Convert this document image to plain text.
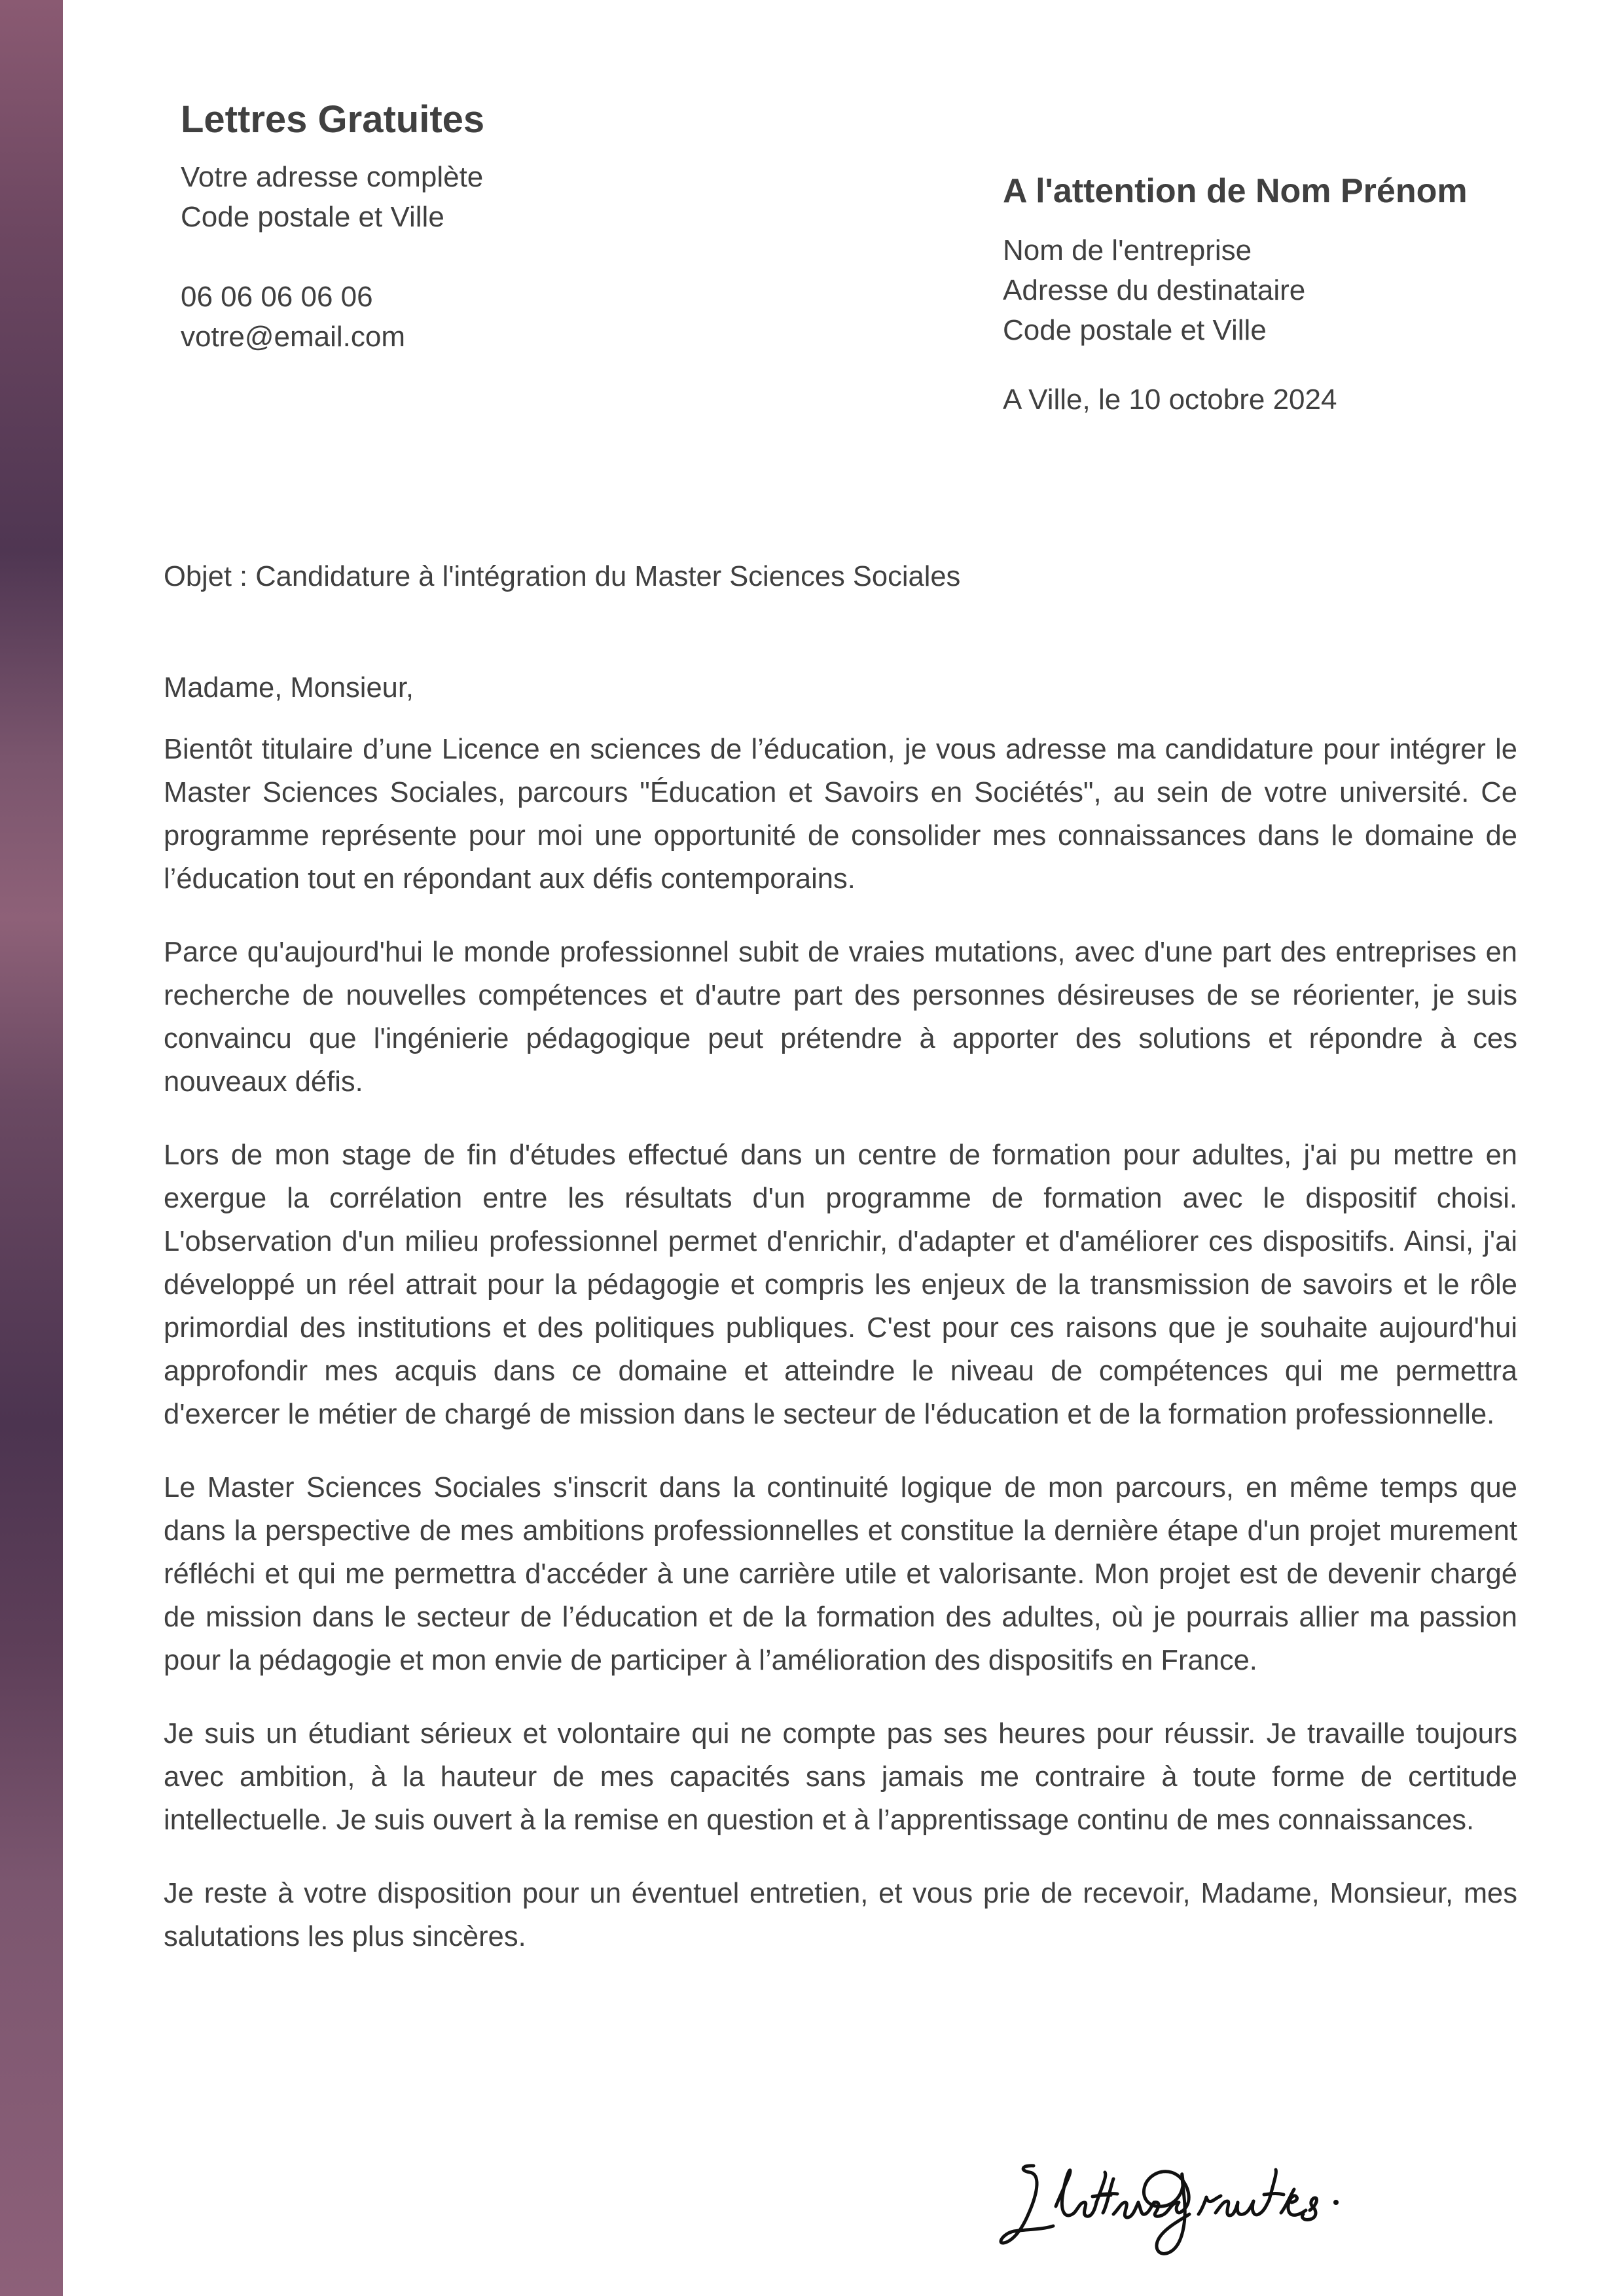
Lettres Gratuites
Votre adresse complète
Code postale et Ville
06 06 06 06 06
votre@email.com
A l'attention de Nom Prénom
Nom de l'entreprise
Adresse du destinataire
Code postale et Ville
A Ville, le 10 octobre 2024

Objet : Candidature à l'intégration du Master Sciences Sociales

Madame, Monsieur,

Bientôt titulaire d’une Licence en sciences de l’éducation, je vous adresse ma candidature pour intégrer le Master Sciences Sociales, parcours "Éducation et Savoirs en Sociétés", au sein de votre université. Ce programme représente pour moi une opportunité de consolider mes connaissances dans le domaine de l’éducation tout en répondant aux défis contemporains.

Parce qu'aujourd'hui le monde professionnel subit de vraies mutations, avec d'une part des entreprises en recherche de nouvelles compétences et d'autre part des personnes désireuses de se réorienter, je suis convaincu que l'ingénierie pédagogique peut prétendre à apporter des solutions et répondre à ces nouveaux défis.

Lors de mon stage de fin d'études effectué dans un centre de formation pour adultes, j'ai pu mettre en exergue la corrélation entre les résultats d'un programme de formation avec le dispositif choisi. L'observation d'un milieu professionnel permet d'enrichir, d'adapter et d'améliorer ces dispositifs. Ainsi, j'ai développé un réel attrait pour la pédagogie et compris les enjeux de la transmission de savoirs et le rôle primordial des institutions et des politiques publiques. C'est pour ces raisons que je souhaite aujourd'hui approfondir mes acquis dans ce domaine et atteindre le niveau de compétences qui me permettra d'exercer le métier de chargé de mission dans le secteur de l'éducation et de la formation professionnelle.

Le Master Sciences Sociales s'inscrit dans la continuité logique de mon parcours, en même temps que dans la perspective de mes ambitions professionnelles et constitue la dernière étape d'un projet murement réfléchi et qui me permettra d'accéder à une carrière utile et valorisante. Mon projet est de devenir chargé de mission dans le secteur de l’éducation et de la formation des adultes, où je pourrais allier ma passion pour la pédagogie et mon envie de participer à l’amélioration des dispositifs en France.

Je suis un étudiant sérieux et volontaire qui ne compte pas ses heures pour réussir. Je travaille toujours avec ambition, à la hauteur de mes capacités sans jamais me contraire à toute forme de certitude intellectuelle. Je suis ouvert à la remise en question et à l’apprentissage continu de mes connaissances.

Je reste à votre disposition pour un éventuel entretien, et vous prie de recevoir, Madame, Monsieur, mes salutations les plus sincères.
